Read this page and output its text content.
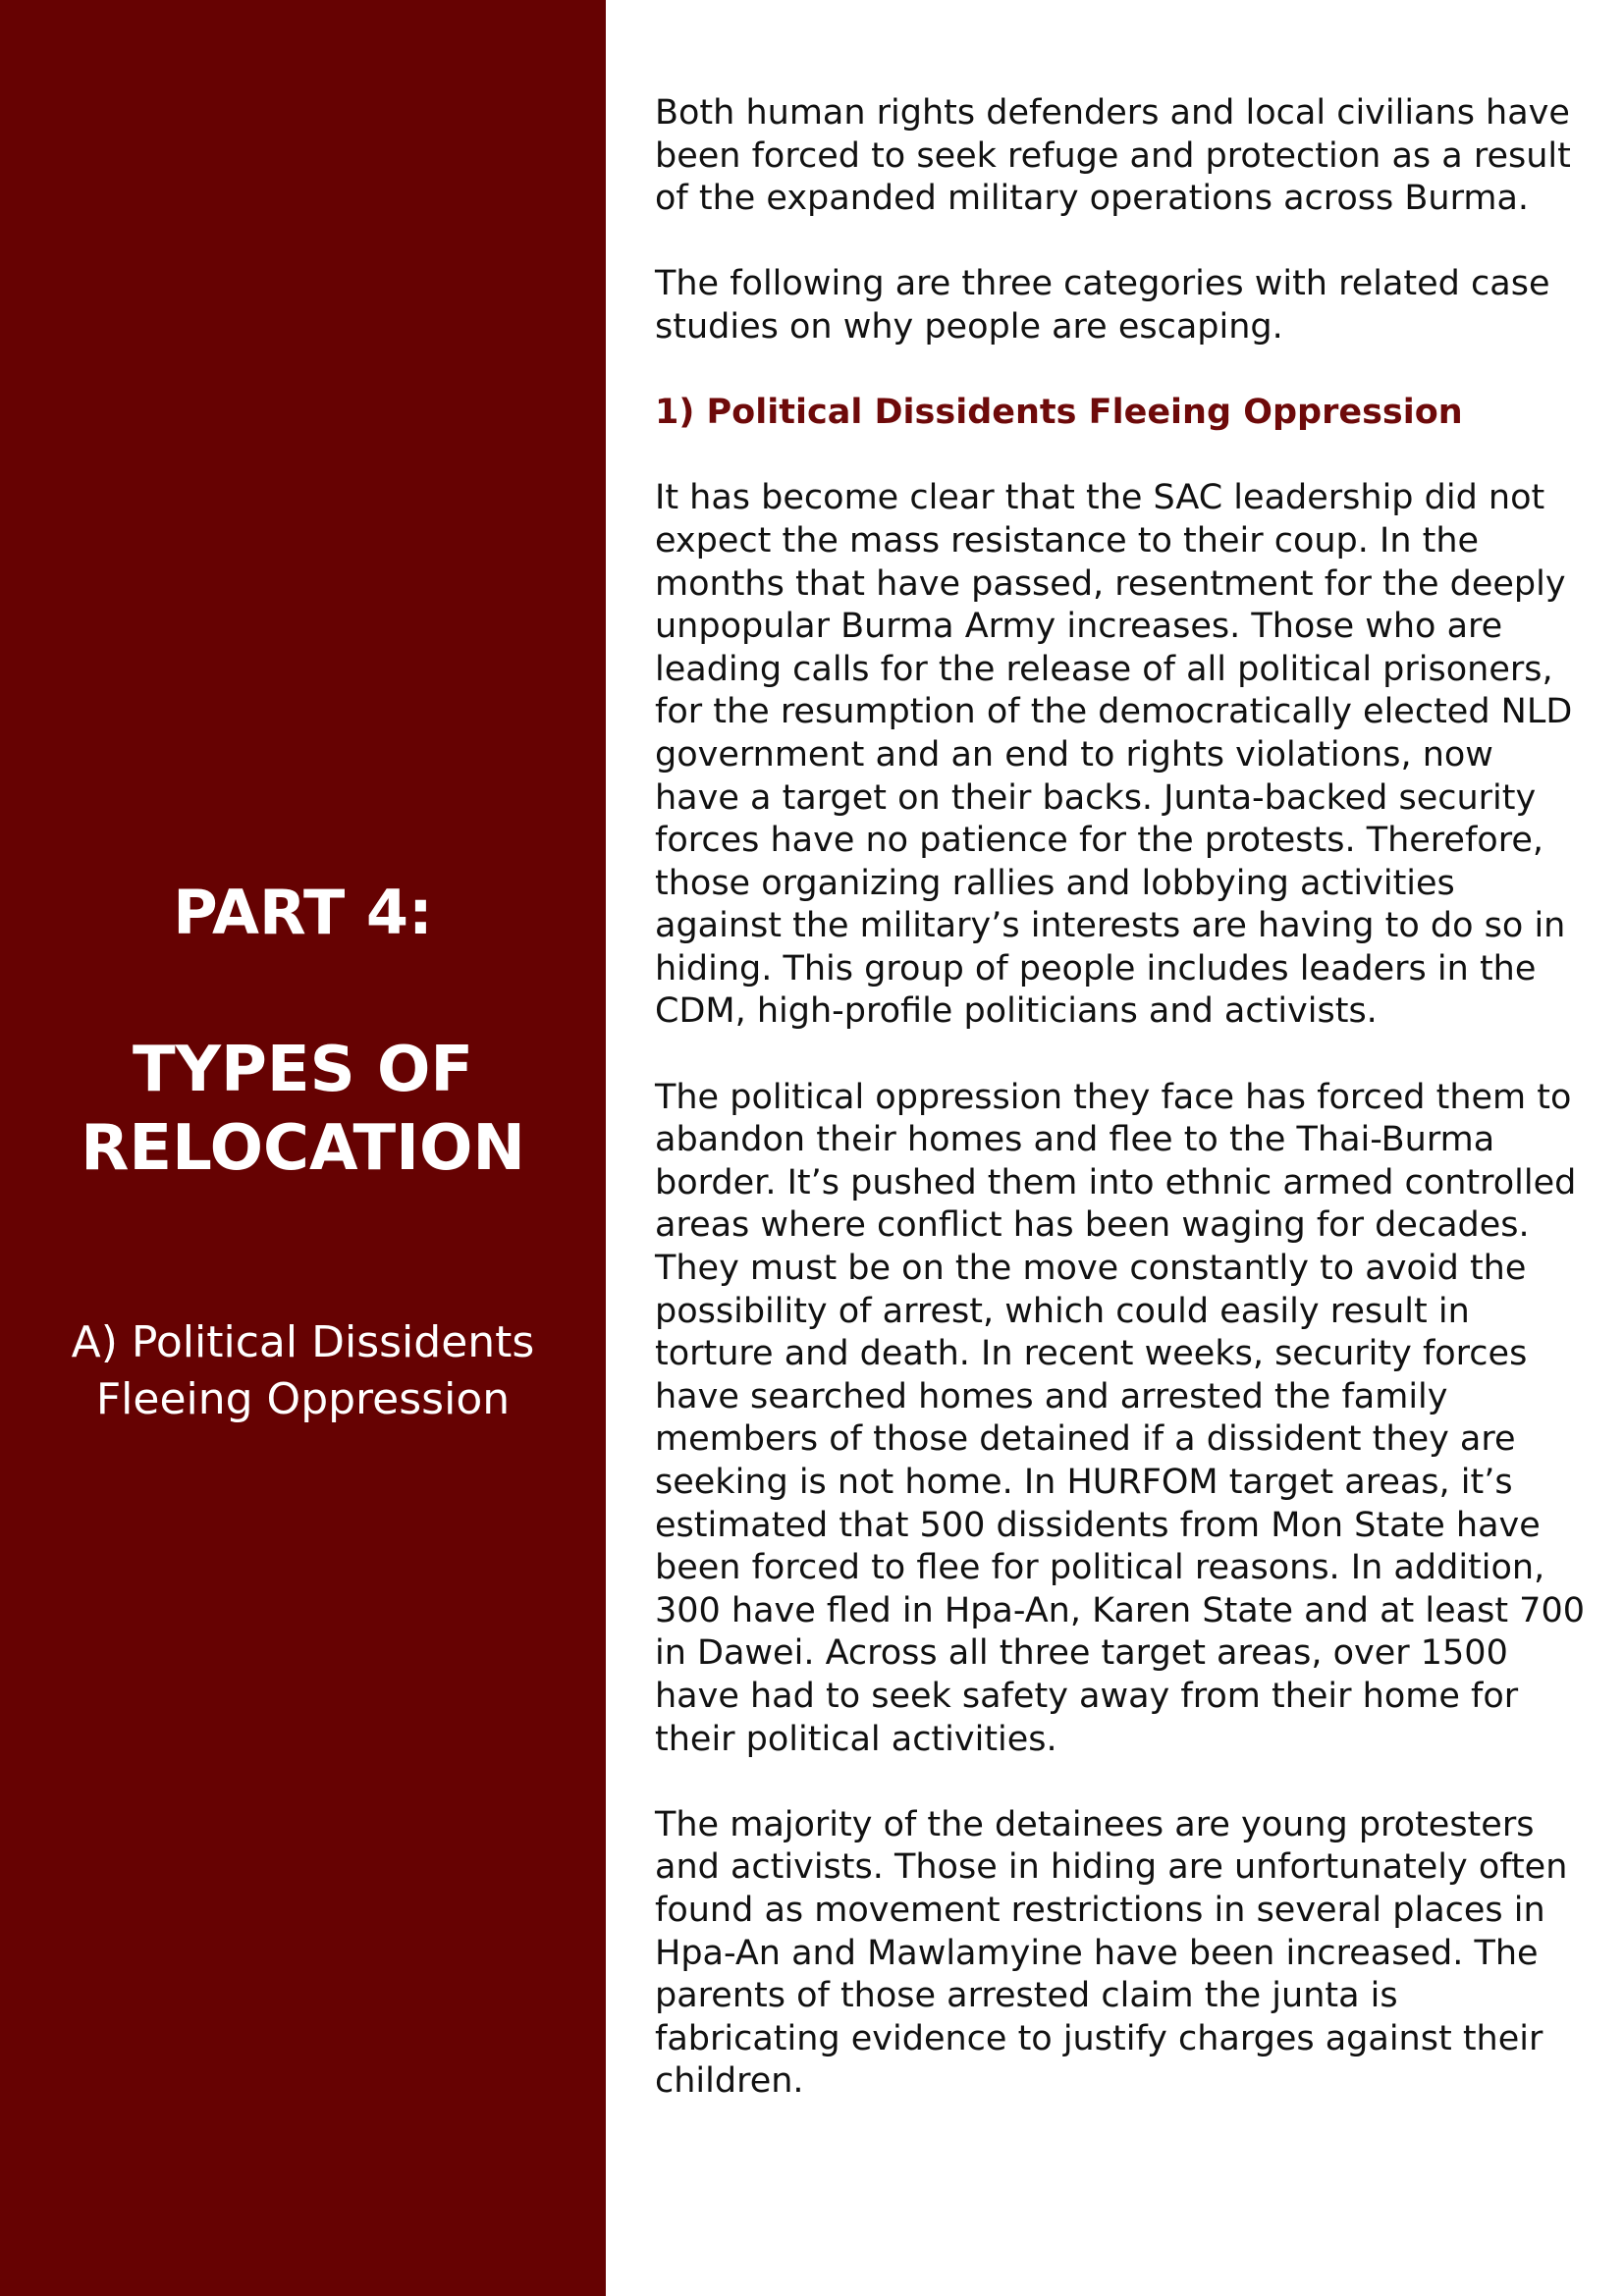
PART 4:
TYPES OF
RELOCATION
A) Political Dissidents
Fleeing Oppression

Both human rights defenders and local civilians have been forced to seek refuge and protection as a result of the expanded military operations across Burma.

The following are three categories with related case studies on why people are escaping.

1) Political Dissidents Fleeing Oppression

It has become clear that the SAC leadership did not expect the mass resistance to their coup. In the months that have passed, resentment for the deeply unpopular Burma Army increases. Those who are leading calls for the release of all political prisoners, for the resumption of the democratically elected NLD government and an end to rights violations, now have a target on their backs. Junta-backed security forces have no patience for the protests. Therefore, those organizing rallies and lobbying activities against the military’s interests are having to do so in hiding. This group of people includes leaders in the CDM, high-profile politicians and activists.

The political oppression they face has forced them to abandon their homes and flee to the Thai-Burma border. It’s pushed them into ethnic armed controlled areas where conflict has been waging for decades. They must be on the move constantly to avoid the possibility of arrest, which could easily result in torture and death. In recent weeks, security forces have searched homes and arrested the family members of those detained if a dissident they are seeking is not home. In HURFOM target areas, it’s estimated that 500 dissidents from Mon State have been forced to flee for political reasons. In addition, 300 have fled in Hpa-An, Karen State and at least 700 in Dawei. Across all three target areas, over 1500 have had to seek safety away from their home for their political activities.

The majority of the detainees are young protesters and activists. Those in hiding are unfortunately often found as movement restrictions in several places in Hpa-An and Mawlamyine have been increased. The parents of those arrested claim the junta is fabricating evidence to justify charges against their children.
